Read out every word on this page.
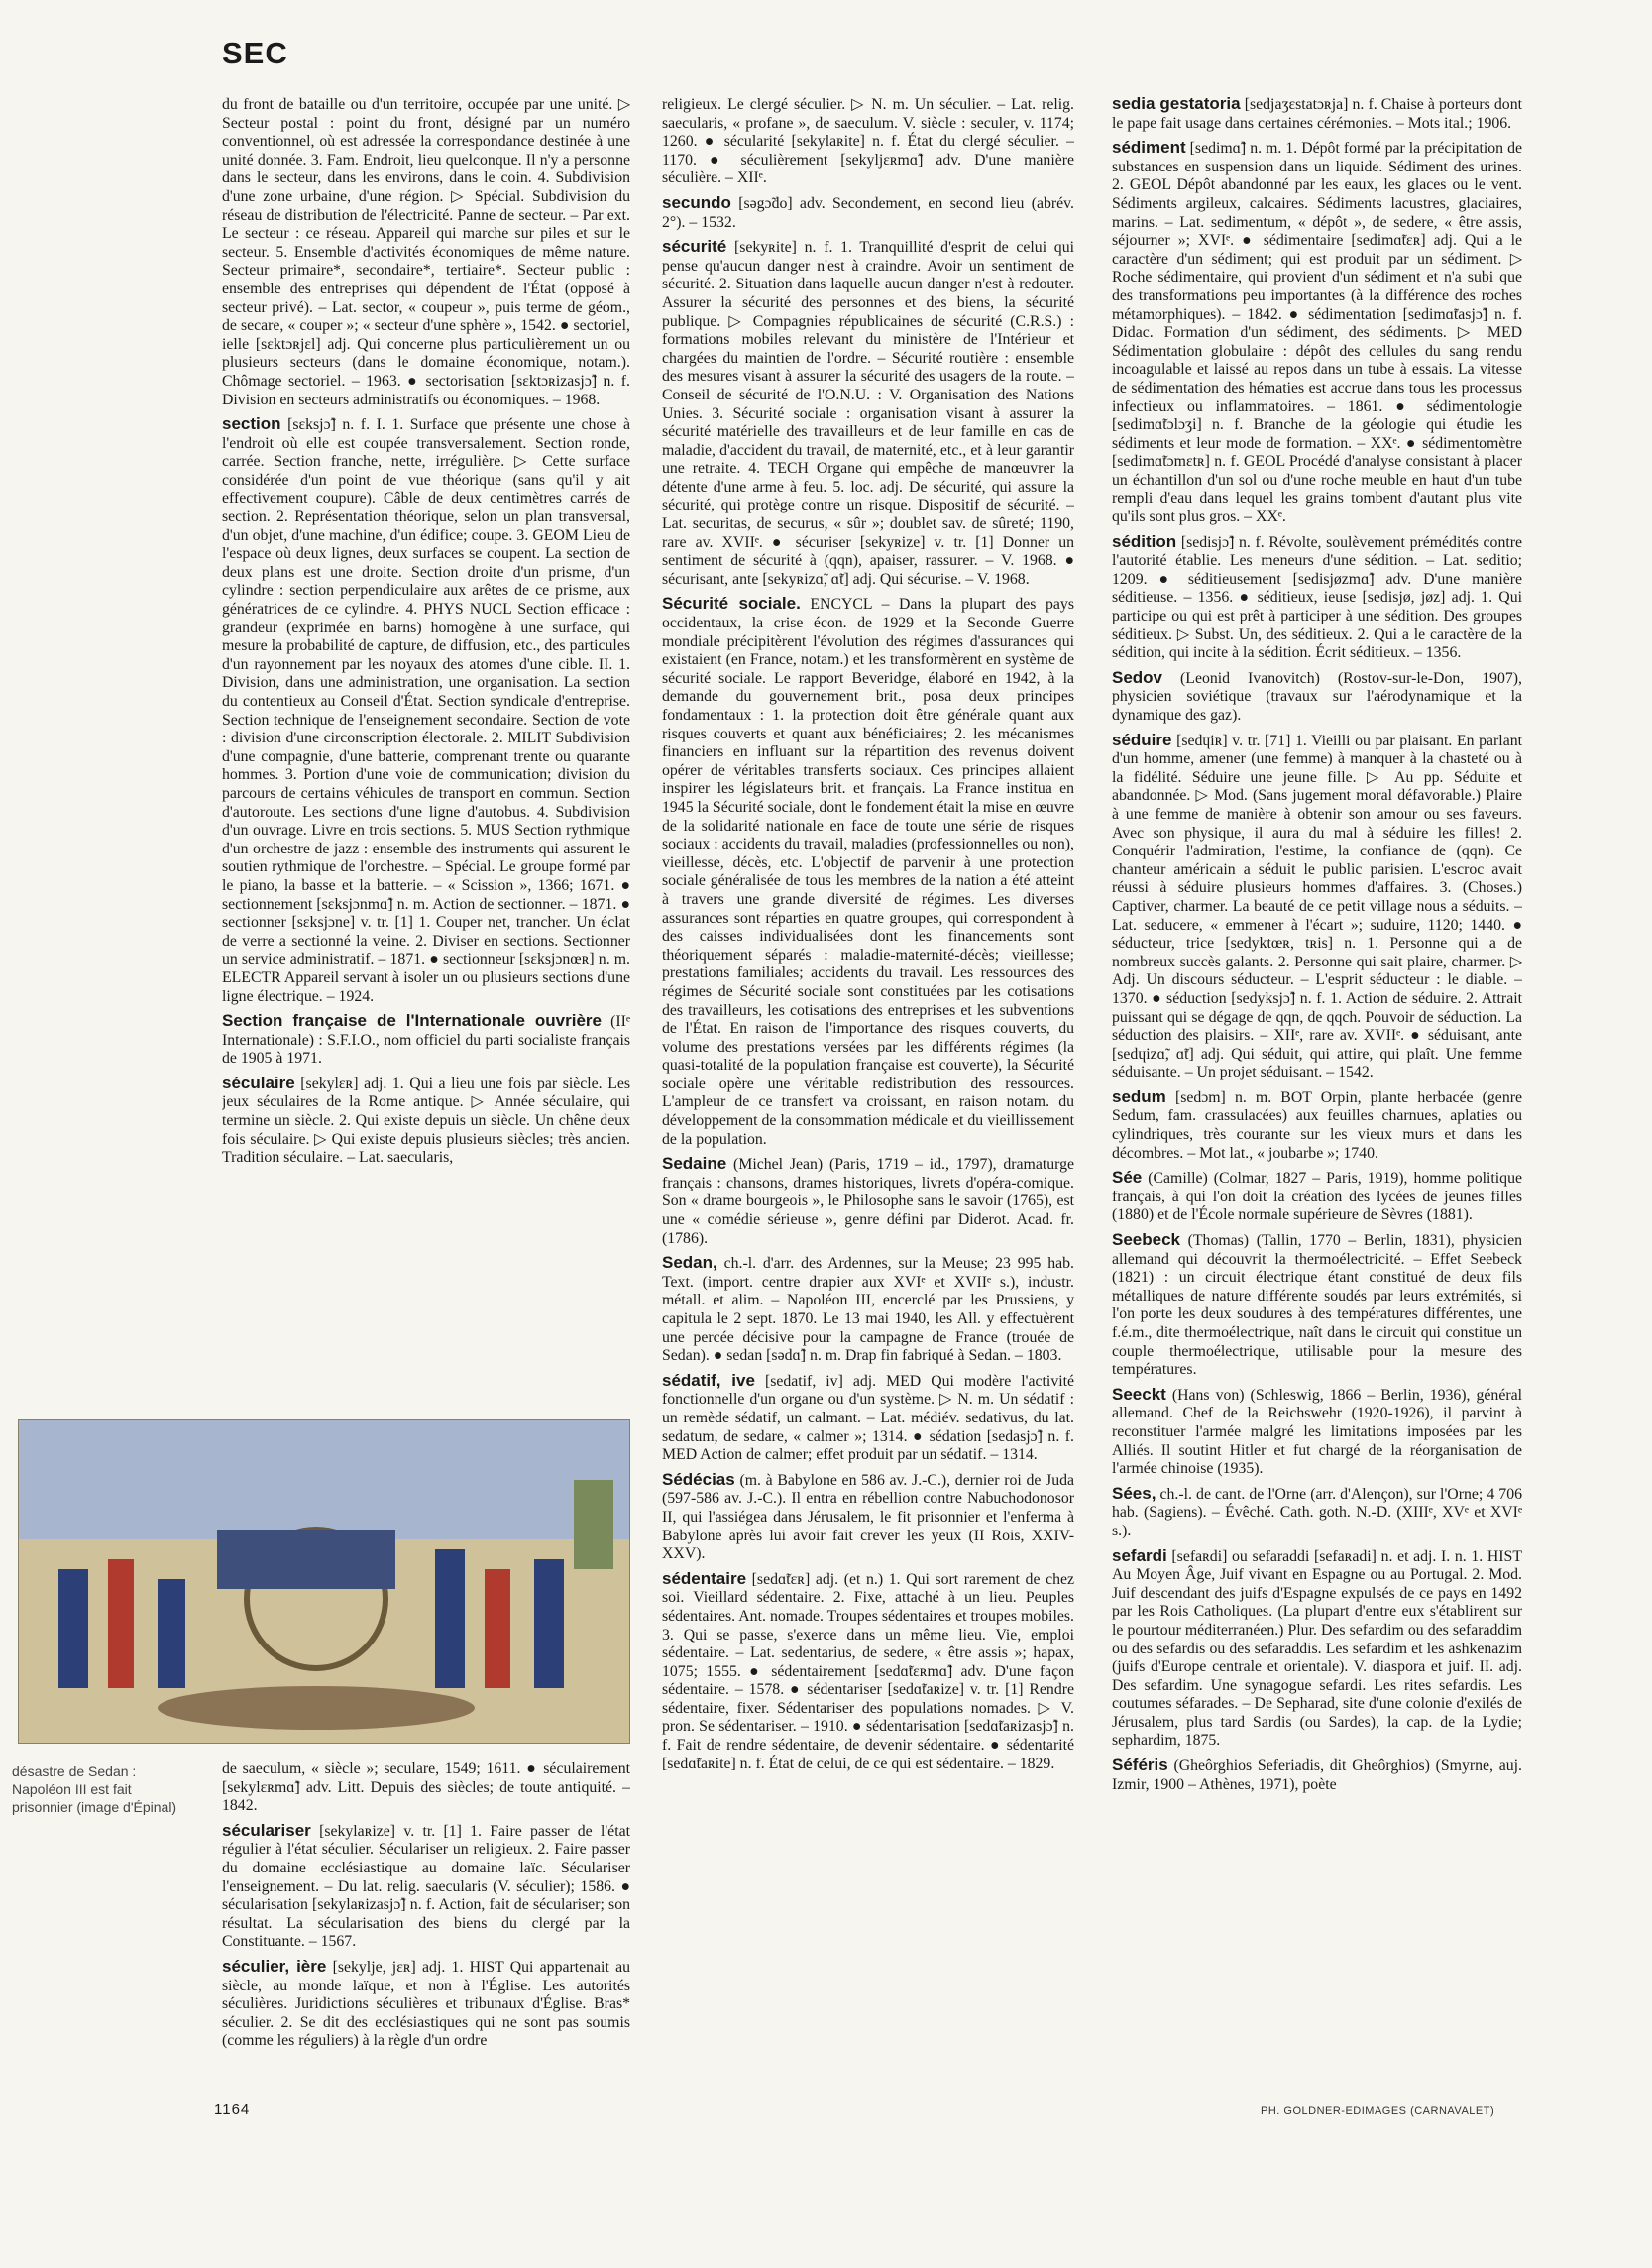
SEC
du front de bataille ou d'un territoire, occupée par une unité. ▷ Secteur postal : point du front, désigné par un numéro conventionnel, où est adressée la correspondance destinée à une unité donnée. 3. Fam. Endroit, lieu quelconque. Il n'y a personne dans le secteur, dans les environs, dans le coin. 4. Subdivision d'une zone urbaine, d'une région. ▷ Spécial. Subdivision du réseau de distribution de l'électricité. Panne de secteur. – Par ext. Le secteur : ce réseau. Appareil qui marche sur piles et sur le secteur. 5. Ensemble d'activités économiques de même nature. Secteur primaire*, secondaire*, tertiaire*. Secteur public : ensemble des entreprises qui dépendent de l'État (opposé à secteur privé). – Lat. sector, « coupeur », puis terme de géom., de secare, « couper »; « secteur d'une sphère », 1542. ● sectoriel, ielle [sɛktɔʀjɛl] adj. Qui concerne plus particulièrement un ou plusieurs secteurs (dans le domaine économique, notam.). Chômage sectoriel. – 1963. ● sectorisation [sɛktɔʀizasjɔ̃] n. f. Division en secteurs administratifs ou économiques. – 1968.
section [sɛksjɔ̃] n. f. I. 1. Surface que présente une chose à l'endroit où elle est coupée transversalement. Section ronde, carrée. Section franche, nette, irrégulière. ▷ Cette surface considérée d'un point de vue théorique (sans qu'il y ait effectivement coupure). Câble de deux centimètres carrés de section. 2. Représentation théorique, selon un plan transversal, d'un objet, d'une machine, d'un édifice; coupe. 3. GEOM Lieu de l'espace où deux lignes, deux surfaces se coupent. La section de deux plans est une droite. Section droite d'un prisme, d'un cylindre : section perpendiculaire aux arêtes de ce prisme, aux génératrices de ce cylindre. 4. PHYS NUCL Section efficace : grandeur (exprimée en barns) homogène à une surface, qui mesure la probabilité de capture, de diffusion, etc., des particules d'un rayonnement par les noyaux des atomes d'une cible. II. 1. Division, dans une administration, une organisation. La section du contentieux au Conseil d'État. Section syndicale d'entreprise. Section technique de l'enseignement secondaire. Section de vote : division d'une circonscription électorale. 2. MILIT Subdivision d'une compagnie, d'une batterie, comprenant trente ou quarante hommes. 3. Portion d'une voie de communication; division du parcours de certains véhicules de transport en commun. Section d'autoroute. Les sections d'une ligne d'autobus. 4. Subdivision d'un ouvrage. Livre en trois sections. 5. MUS Section rythmique d'un orchestre de jazz : ensemble des instruments qui assurent le soutien rythmique de l'orchestre. – Spécial. Le groupe formé par le piano, la basse et la batterie. – « Scission », 1366; 1671. ● sectionnement [sɛksjɔnmɑ̃] n. m. Action de sectionner. – 1871. ● sectionner [sɛksjɔne] v. tr. [1] 1. Couper net, trancher. Un éclat de verre a sectionné la veine. 2. Diviser en sections. Sectionner un service administratif. – 1871. ● sectionneur [sɛksjɔnœʀ] n. m. ELECTR Appareil servant à isoler un ou plusieurs sections d'une ligne électrique. – 1924.
Section française de l'Internationale ouvrière (IIᵉ Internationale) : S.F.I.O., nom officiel du parti socialiste français de 1905 à 1971.
séculaire [sekylɛʀ] adj. 1. Qui a lieu une fois par siècle. Les jeux séculaires de la Rome antique. ▷ Année séculaire, qui termine un siècle. 2. Qui existe depuis un siècle. Un chêne deux fois séculaire. ▷ Qui existe depuis plusieurs siècles; très ancien. Tradition séculaire. – Lat. saecularis,
désastre de Sedan : Napoléon III est fait prisonnier (image d'Épinal)
de saeculum, « siècle »; seculare, 1549; 1611. ● séculairement [sekylɛʀmɑ̃] adv. Litt. Depuis des siècles; de toute antiquité. – 1842.
séculariser [sekylaʀize] v. tr. [1] 1. Faire passer de l'état régulier à l'état séculier. Séculariser un religieux. 2. Faire passer du domaine ecclésiastique au domaine laïc. Séculariser l'enseignement. – Du lat. relig. saecularis (V. séculier); 1586. ● sécularisation [sekylaʀizasjɔ̃] n. f. Action, fait de séculariser; son résultat. La sécularisation des biens du clergé par la Constituante. – 1567.
séculier, ière [sekylje, jɛʀ] adj. 1. HIST Qui appartenait au siècle, au monde laïque, et non à l'Église. Les autorités séculières. Juridictions séculières et tribunaux d'Église. Bras* séculier. 2. Se dit des ecclésiastiques qui ne sont pas soumis (comme les réguliers) à la règle d'un ordre
religieux. Le clergé séculier. ▷ N. m. Un séculier. – Lat. relig. saecularis, « profane », de saeculum. V. siècle : seculer, v. 1174; 1260. ● sécularité [sekylaʀite] n. f. État du clergé séculier. – 1170. ● séculièrement [sekyljɛʀmɑ̃] adv. D'une manière séculière. – XIIᵉ.
secundo [səgɔ̃do] adv. Secondement, en second lieu (abrév. 2°). – 1532.
sécurité [sekyʀite] n. f. 1. Tranquillité d'esprit de celui qui pense qu'aucun danger n'est à craindre. Avoir un sentiment de sécurité. 2. Situation dans laquelle aucun danger n'est à redouter. Assurer la sécurité des personnes et des biens, la sécurité publique. ▷ Compagnies républicaines de sécurité (C.R.S.) : formations mobiles relevant du ministère de l'Intérieur et chargées du maintien de l'ordre. – Sécurité routière : ensemble des mesures visant à assurer la sécurité des usagers de la route. – Conseil de sécurité de l'O.N.U. : V. Organisation des Nations Unies. 3. Sécurité sociale : organisation visant à assurer la sécurité matérielle des travailleurs et de leur famille en cas de maladie, d'accident du travail, de maternité, etc., et à leur garantir une retraite. 4. TECH Organe qui empêche de manœuvrer la détente d'une arme à feu. 5. loc. adj. De sécurité, qui assure la sécurité, qui protège contre un risque. Dispositif de sécurité. – Lat. securitas, de securus, « sûr »; doublet sav. de sûreté; 1190, rare av. XVIIᵉ. ● sécuriser [sekyʀize] v. tr. [1] Donner un sentiment de sécurité à (qqn), apaiser, rassurer. – V. 1968. ● sécurisant, ante [sekyʀizɑ̃, ɑ̃t] adj. Qui sécurise. – V. 1968.
Sécurité sociale. ENCYCL – Dans la plupart des pays occidentaux, la crise écon. de 1929 et la Seconde Guerre mondiale précipitèrent l'évolution des régimes d'assurances qui existaient (en France, notam.) et les transformèrent en système de sécurité sociale. Le rapport Beveridge, élaboré en 1942, à la demande du gouvernement brit., posa deux principes fondamentaux : 1. la protection doit être générale quant aux risques couverts et quant aux bénéficiaires; 2. les mécanismes financiers en influant sur la répartition des revenus doivent opérer de véritables transferts sociaux. Ces principes allaient inspirer les législateurs brit. et français. La France institua en 1945 la Sécurité sociale, dont le fondement était la mise en œuvre de la solidarité nationale en face de toute une série de risques sociaux : accidents du travail, maladies (professionnelles ou non), vieillesse, décès, etc. L'objectif de parvenir à une protection sociale généralisée de tous les membres de la nation a été atteint à travers une grande diversité de régimes. Les diverses assurances sont réparties en quatre groupes, qui correspondent à des caisses individualisées dont les financements sont théoriquement séparés : maladie-maternité-décès; vieillesse; prestations familiales; accidents du travail. Les ressources des régimes de Sécurité sociale sont constituées par les cotisations des travailleurs, les cotisations des entreprises et les subventions de l'État. En raison de l'importance des risques couverts, du volume des prestations versées par les différents régimes (la quasi-totalité de la population française est couverte), la Sécurité sociale opère une véritable redistribution des ressources. L'ampleur de ce transfert va croissant, en raison notam. du développement de la consommation médicale et du vieillissement de la population.
Sedaine (Michel Jean) (Paris, 1719 – id., 1797), dramaturge français : chansons, drames historiques, livrets d'opéra-comique. Son « drame bourgeois », le Philosophe sans le savoir (1765), est une « comédie sérieuse », genre défini par Diderot. Acad. fr. (1786).
Sedan, ch.-l. d'arr. des Ardennes, sur la Meuse; 23 995 hab. Text. (import. centre drapier aux XVIᵉ et XVIIᵉ s.), industr. métall. et alim. – Napoléon III, encerclé par les Prussiens, y capitula le 2 sept. 1870. Le 13 mai 1940, les All. y effectuèrent une percée décisive pour la campagne de France (trouée de Sedan). ● sedan [sədɑ̃] n. m. Drap fin fabriqué à Sedan. – 1803.
sédatif, ive [sedatif, iv] adj. MED Qui modère l'activité fonctionnelle d'un organe ou d'un système. ▷ N. m. Un sédatif : un remède sédatif, un calmant. – Lat. médiév. sedativus, du lat. sedatum, de sedare, « calmer »; 1314. ● sédation [sedasjɔ̃] n. f. MED Action de calmer; effet produit par un sédatif. – 1314.
Sédécias (m. à Babylone en 586 av. J.-C.), dernier roi de Juda (597-586 av. J.-C.). Il entra en rébellion contre Nabuchodonosor II, qui l'assiégea dans Jérusalem, le fit prisonnier et l'enferma à Babylone après lui avoir fait crever les yeux (II Rois, XXIV-XXV).
sédentaire [sedɑ̃tɛʀ] adj. (et n.) 1. Qui sort rarement de chez soi. Vieillard sédentaire. 2. Fixe, attaché à un lieu. Peuples sédentaires. Ant. nomade. Troupes sédentaires et troupes mobiles. 3. Qui se passe, s'exerce dans un même lieu. Vie, emploi sédentaire. – Lat. sedentarius, de sedere, « être assis »; hapax, 1075; 1555. ● sédentairement [sedɑ̃tɛʀmɑ̃] adv. D'une façon sédentaire. – 1578. ● sédentariser [sedɑ̃taʀize] v. tr. [1] Rendre sédentaire, fixer. Sédentariser des populations nomades. ▷ V. pron. Se sédentariser. – 1910. ● sédentarisation [sedɑ̃taʀizasjɔ̃] n. f. Fait de rendre sédentaire, de devenir sédentaire. ● sédentarité [sedɑ̃taʀite] n. f. État de celui, de ce qui est sédentaire. – 1829.
sedia gestatoria [sedjaʒɛstatɔʀja] n. f. Chaise à porteurs dont le pape fait usage dans certaines cérémonies. – Mots ital.; 1906.
sédiment [sedimɑ̃] n. m. 1. Dépôt formé par la précipitation de substances en suspension dans un liquide. Sédiment des urines. 2. GEOL Dépôt abandonné par les eaux, les glaces ou le vent. Sédiments argileux, calcaires. Sédiments lacustres, glaciaires, marins. – Lat. sedimentum, « dépôt », de sedere, « être assis, séjourner »; XVIᵉ. ● sédimentaire [sedimɑ̃tɛʀ] adj. Qui a le caractère d'un sédiment; qui est produit par un sédiment. ▷ Roche sédimentaire, qui provient d'un sédiment et n'a subi que des transformations peu importantes (à la différence des roches métamorphiques). – 1842. ● sédimentation [sedimɑ̃tasjɔ̃] n. f. Didac. Formation d'un sédiment, des sédiments. ▷ MED Sédimentation globulaire : dépôt des cellules du sang rendu incoagulable et laissé au repos dans un tube à essais. La vitesse de sédimentation des hématies est accrue dans tous les processus infectieux ou inflammatoires. – 1861. ● sédimentologie [sedimɑ̃tɔlɔʒi] n. f. Branche de la géologie qui étudie les sédiments et leur mode de formation. – XXᵉ. ● sédimentomètre [sedimɑ̃tɔmɛtʀ] n. f. GEOL Procédé d'analyse consistant à placer un échantillon d'un sol ou d'une roche meuble en haut d'un tube rempli d'eau dans lequel les grains tombent d'autant plus vite qu'ils sont plus gros. – XXᵉ.
sédition [sedisjɔ̃] n. f. Révolte, soulèvement prémédités contre l'autorité établie. Les meneurs d'une sédition. – Lat. seditio; 1209. ● séditieusement [sedisjøzmɑ̃] adv. D'une manière séditieuse. – 1356. ● séditieux, ieuse [sedisjø, jøz] adj. 1. Qui participe ou qui est prêt à participer à une sédition. Des groupes séditieux. ▷ Subst. Un, des séditieux. 2. Qui a le caractère de la sédition, qui incite à la sédition. Écrit séditieux. – 1356.
Sedov (Leonid Ivanovitch) (Rostov-sur-le-Don, 1907), physicien soviétique (travaux sur l'aérodynamique et la dynamique des gaz).
séduire [sedɥiʀ] v. tr. [71] 1. Vieilli ou par plaisant. En parlant d'un homme, amener (une femme) à manquer à la chasteté ou à la fidélité. Séduire une jeune fille. ▷ Au pp. Séduite et abandonnée. ▷ Mod. (Sans jugement moral défavorable.) Plaire à une femme de manière à obtenir son amour ou ses faveurs. Avec son physique, il aura du mal à séduire les filles! 2. Conquérir l'admiration, l'estime, la confiance de (qqn). Ce chanteur américain a séduit le public parisien. L'escroc avait réussi à séduire plusieurs hommes d'affaires. 3. (Choses.) Captiver, charmer. La beauté de ce petit village nous a séduits. – Lat. seducere, « emmener à l'écart »; suduire, 1120; 1440. ● séducteur, trice [sedyktœʀ, tʀis] n. 1. Personne qui a de nombreux succès galants. 2. Personne qui sait plaire, charmer. ▷ Adj. Un discours séducteur. – L'esprit séducteur : le diable. – 1370. ● séduction [sedyksjɔ̃] n. f. 1. Action de séduire. 2. Attrait puissant qui se dégage de qqn, de qqch. Pouvoir de séduction. La séduction des plaisirs. – XIIᵉ, rare av. XVIIᵉ. ● séduisant, ante [sedɥizɑ̃, ɑ̃t] adj. Qui séduit, qui attire, qui plaît. Une femme séduisante. – Un projet séduisant. – 1542.
sedum [sedɔm] n. m. BOT Orpin, plante herbacée (genre Sedum, fam. crassulacées) aux feuilles charnues, aplaties ou cylindriques, très courante sur les vieux murs et dans les décombres. – Mot lat., « joubarbe »; 1740.
Sée (Camille) (Colmar, 1827 – Paris, 1919), homme politique français, à qui l'on doit la création des lycées de jeunes filles (1880) et de l'École normale supérieure de Sèvres (1881).
Seebeck (Thomas) (Tallin, 1770 – Berlin, 1831), physicien allemand qui découvrit la thermoélectricité. – Effet Seebeck (1821) : un circuit électrique étant constitué de deux fils métalliques de nature différente soudés par leurs extrémités, si l'on porte les deux soudures à des températures différentes, une f.é.m., dite thermoélectrique, naît dans le circuit qui constitue un couple thermoélectrique, utilisable pour la mesure des températures.
Seeckt (Hans von) (Schleswig, 1866 – Berlin, 1936), général allemand. Chef de la Reichswehr (1920-1926), il parvint à reconstituer l'armée malgré les limitations imposées par les Alliés. Il soutint Hitler et fut chargé de la réorganisation de l'armée chinoise (1935).
Sées, ch.-l. de cant. de l'Orne (arr. d'Alençon), sur l'Orne; 4 706 hab. (Sagiens). – Évêché. Cath. goth. N.-D. (XIIIᵉ, XVᵉ et XVIᵉ s.).
sefardi [sefaʀdi] ou sefaraddi [sefaʀadi] n. et adj. I. n. 1. HIST Au Moyen Âge, Juif vivant en Espagne ou au Portugal. 2. Mod. Juif descendant des juifs d'Espagne expulsés de ce pays en 1492 par les Rois Catholiques. (La plupart d'entre eux s'établirent sur le pourtour méditerranéen.) Plur. Des sefardim ou des sefaraddim ou des sefardis ou des sefaraddis. Les sefardim et les ashkenazim (juifs d'Europe centrale et orientale). V. diaspora et juif. II. adj. Des sefardim. Une synagogue sefardi. Les rites sefardis. Les coutumes séfarades. – De Sepharad, site d'une colonie d'exilés de Jérusalem, plus tard Sardis (ou Sardes), la cap. de la Lydie; sephardim, 1875.
Séféris (Gheôrghios Seferiadis, dit Gheôrghios) (Smyrne, auj. Izmir, 1900 – Athènes, 1971), poète
1164	PH. GOLDNER-EDIMAGES (CARNAVALET)
